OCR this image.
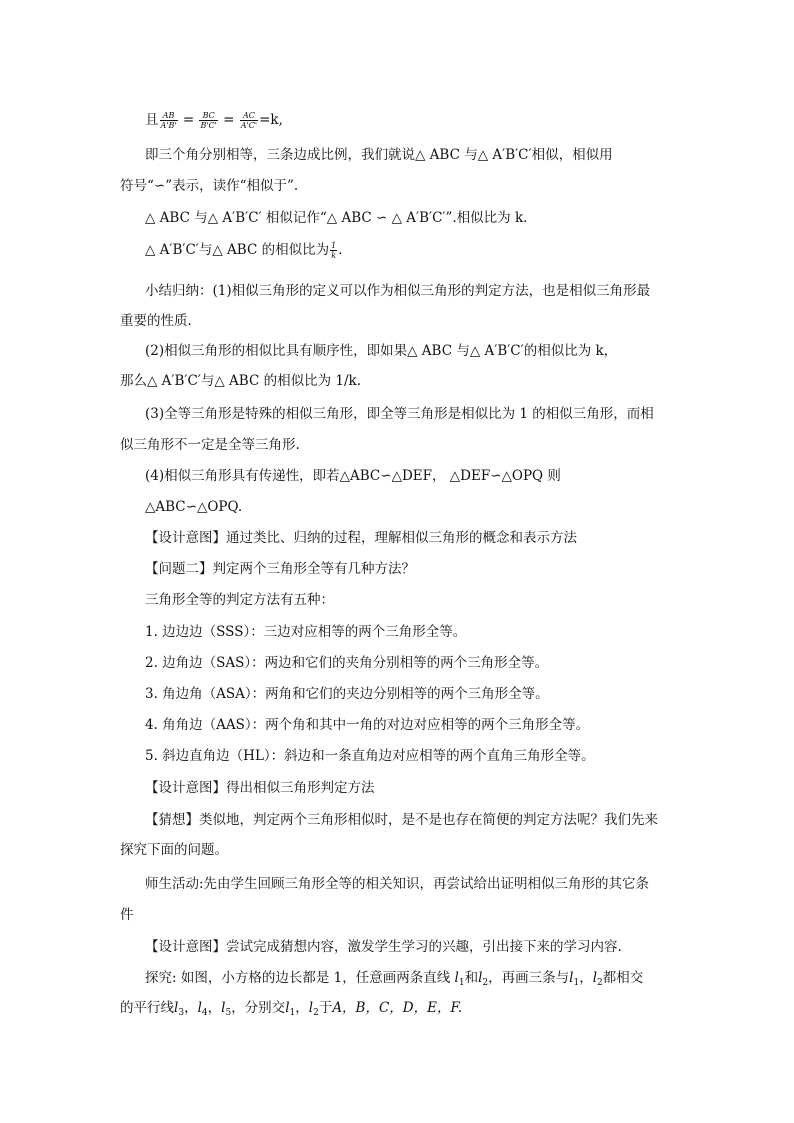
且 $\frac{AB}{A'B'} = \frac{BC}{B'C'} = \frac{AC}{A'C'} =k$,
即三个角分别相等，三条边成比例，我们就说△ ABC 与△ A′B′C′相似，相似用
符号“∽”表示，读作“相似于”.
△ ABC 与△ A′B′C′ 相似记作“△ ABC ∽ △ A′B′C′”.相似比为 k.
△ A′B′C′与△ ABC 的相似比为 $\frac{1}{k}$ .
小结归纳：(1)相似三角形的定义可以作为相似三角形的判定方法，也是相似三角形最
重要的性质.
(2)相似三角形的相似比具有顺序性，即如果△ ABC 与△ A′B′C′的相似比为 k，
那么△ A′B′C′与△ ABC 的相似比为 1/k.
(3)全等三角形是特殊的相似三角形，即全等三角形是相似比为 1 的相似三角形，而相
似三角形不一定是全等三角形.
(4)相似三角形具有传递性，即若△ABC∽△DEF， △DEF∽△OPQ 则
△ABC∽△OPQ.
【设计意图】通过类比、归纳的过程，理解相似三角形的概念和表示方法
【问题二】判定两个三角形全等有几种方法？
三角形全等的判定方法有五种：
1. 边边边（SSS）：三边对应相等的两个三角形全等。
2. 边角边（SAS）：两边和它们的夹角分别相等的两个三角形全等。
3. 角边角（ASA）：两角和它们的夹边分别相等的两个三角形全等。
4. 角角边（AAS）：两个角和其中一角的对边对应相等的两个三角形全等。
5. 斜边直角边（HL）：斜边和一条直角边对应相等的两个直角三角形全等。
【设计意图】得出相似三角形判定方法
【猜想】类似地，判定两个三角形相似时，是不是也存在简便的判定方法呢？我们先来
探究下面的问题。
师生活动:先由学生回顾三角形全等的相关知识，再尝试给出证明相似三角形的其它条
件
【设计意图】尝试完成猜想内容，激发学生学习的兴趣，引出接下来的学习内容.
探究: 如图，小方格的边长都是 1，任意画两条直线 $l_1$和$l_2$，再画三条与$l_1$，$l_2$都相交
的平行线$l_3$，$l_4$，$l_5$，分别交$l_1$，$l_2$于A，B，C，D，E，F.
